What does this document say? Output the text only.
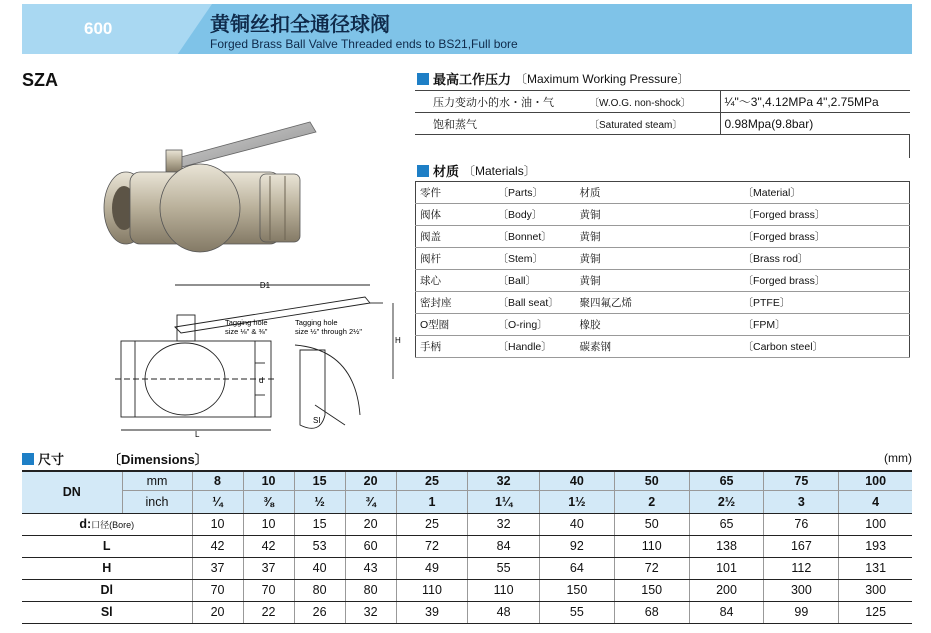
600	黄铜丝扣全通径球阀
Forged Brass Ball Valve Threaded ends to BS21,Full bore
SZA
D1
H
d
L
SI
Tagging hole
size ⅛" & ⅜"
Tagging hole
size ½" through 2½"
最高工作压力 〔Maximum Working Pressure〕
压力变动小的水・油・气	〔W.O.G. non-shock〕	¼"～3",4.12MPa 4",2.75MPa
饱和蒸气	〔Saturated steam〕	0.98Mpa(9.8bar)
材质 〔Materials〕
零件	〔Parts〕	材质	〔Material〕
阀体	〔Body〕	黄铜	〔Forged brass〕
阀盖	〔Bonnet〕	黄铜	〔Forged brass〕
阀杆	〔Stem〕	黄铜	〔Brass rod〕
球心	〔Ball〕	黄铜	〔Forged brass〕
密封座	〔Ball seat〕	聚四氟乙烯	〔PTFE〕
O型圈	〔O-ring〕	橡胶	〔FPM〕
手柄	〔Handle〕	碳素钢	〔Carbon steel〕
尺寸	〔Dimensions〕	(mm)
DN	mm	8	10	15	20	25	32	40	50	65	75	100
	inch	¼	⅜	½	¾	1	1¼	1½	2	2½	3	4
d:口径(Bore)		10	10	15	20	25	32	40	50	65	76	100
L		42	42	53	60	72	84	92	110	138	167	193
H		37	37	40	43	49	55	64	72	101	112	131
Dl		70	70	80	80	110	110	150	150	200	300	300
Sl		20	22	26	32	39	48	55	68	84	99	125
